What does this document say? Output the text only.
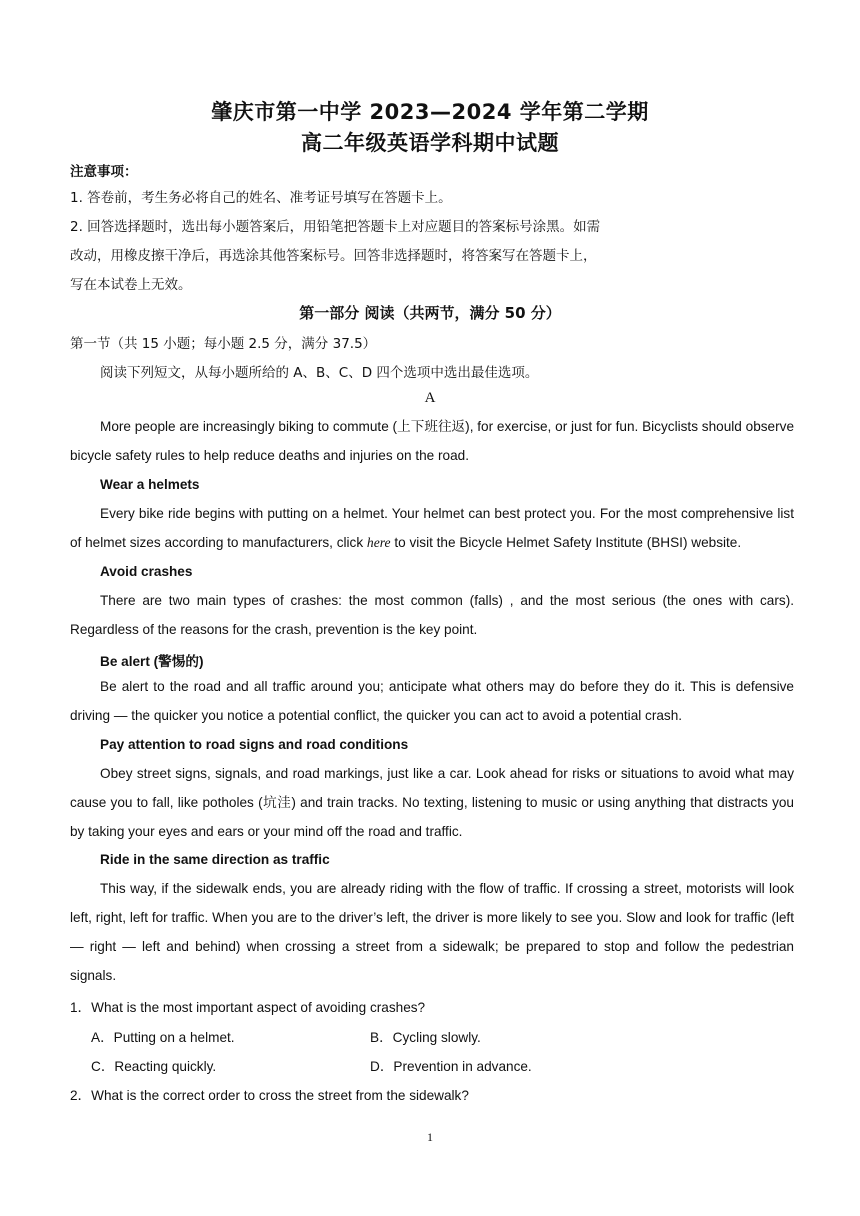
肇庆市第一中学 2023—2024 学年第二学期
高二年级英语学科期中试题
注意事项：
1. 答卷前，考生务必将自己的姓名、准考证号填写在答题卡上。
2. 回答选择题时，选出每小题答案后，用铅笔把答题卡上对应题目的答案标号涂黑。如需
改动，用橡皮擦干净后，再选涂其他答案标号。回答非选择题时，将答案写在答题卡上，
写在本试卷上无效。
第一部分 阅读（共两节，满分 50 分）
第一节（共 15 小题；每小题 2.5 分，满分 37.5）
阅读下列短文，从每小题所给的 A、B、C、D 四个选项中选出最佳选项。
A
More people are increasingly biking to commute (上下班往返), for exercise, or just for fun. Bicyclists should observe bicycle safety rules to help reduce deaths and injuries on the road.
Wear a helmets
Every bike ride begins with putting on a helmet. Your helmet can best protect you. For the most comprehensive list of helmet sizes according to manufacturers, click here to visit the Bicycle Helmet Safety Institute (BHSI) website.
Avoid crashes
There are two main types of crashes: the most common (falls) , and the most serious (the ones with cars). Regardless of the reasons for the crash, prevention is the key point.
Be alert (警惕的)
Be alert to the road and all traffic around you; anticipate what others may do before they do it. This is defensive driving — the quicker you notice a potential conflict, the quicker you can act to avoid a potential crash.
Pay attention to road signs and road conditions
Obey street signs, signals, and road markings, just like a car. Look ahead for risks or situations to avoid what may cause you to fall, like potholes (坑洼) and train tracks. No texting, listening to music or using anything that distracts you by taking your eyes and ears or your mind off the road and traffic.
Ride in the same direction as traffic
This way, if the sidewalk ends, you are already riding with the flow of traffic. If crossing a street, motorists will look left, right, left for traffic. When you are to the driver’s left, the driver is more likely to see you. Slow and look for traffic (left — right — left and behind) when crossing a street from a sidewalk; be prepared to stop and follow the pedestrian signals.
1．What is the most important aspect of avoiding crashes?
A．Putting on a helmet.	B．Cycling slowly.
C．Reacting quickly.	D．Prevention in advance.
2．What is the correct order to cross the street from the sidewalk?
1
